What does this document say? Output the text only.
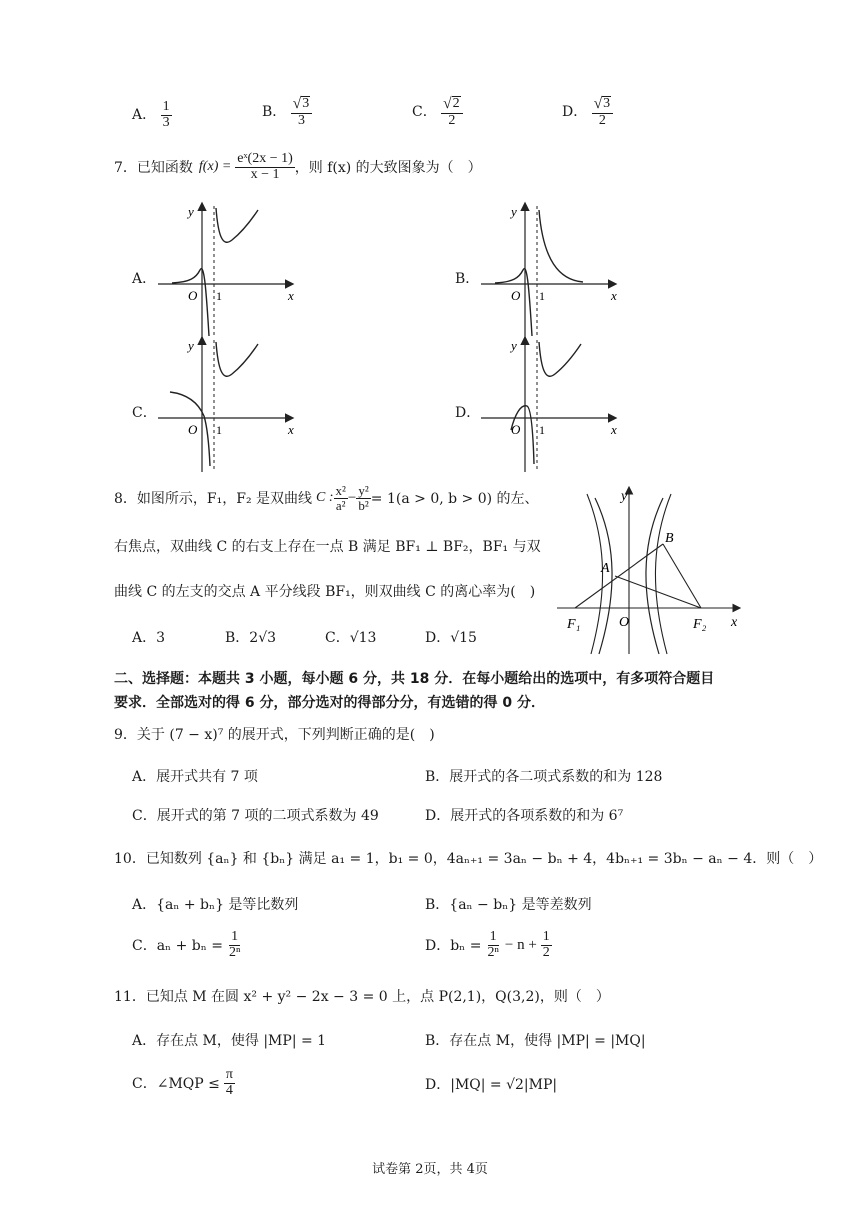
A． $\frac{1}{3}$	B． $\frac{√ 3}{3}$	C． $\frac{√ 2}{2}$	D． $\frac{√ 3}{2}$
7．已知函数 $f(x) = \frac{\text{eˣ(2x − 1)}}{x - 1}$ ，则 f(x) 的大致图象为（　）
A．	B．
C．	D．
y
x
O 1
y
x
O 1
y
x
O 1
y
x
O 1
8．如图所示，F₁，F₂ 是双曲线 C : $\frac{\text{x²}}{\text{a²}} - \frac{\text{y²}}{\text{b²}} = 1(a > 0$, b > 0) 的左、
右焦点，双曲线 C 的右支上存在一点 B 满足 BF₁ ⊥ BF₂，BF₁ 与双
曲线 C 的左支的交点 A 平分线段 BF₁，则双曲线 C 的离心率为(　)
A．3	B．2√3	C．√13	D．√15
y
x
O
A
B
F₁	F₂
二、选择题：本题共 3 小题，每小题 6 分，共 18 分．在每小题给出的选项中，有多项符合题目
要求．全部选对的得 6 分，部分选对的得部分分，有选错的得 0 分．
9．关于 (7 − x)⁷ 的展开式，下列判断正确的是(　)
A．展开式共有 7 项	B．展开式的各二项式系数的和为 128
C．展开式的第 7 项的二项式系数为 49	D．展开式的各项系数的和为 6⁷
10．已知数列 {aₙ} 和 {bₙ} 满足 a₁ = 1，b₁ = 0，4aₙ₊₁ = 3aₙ − bₙ + 4，4bₙ₊₁ = 3bₙ − aₙ − 4．则（　）
A．{aₙ + bₙ} 是等比数列	B．{aₙ − bₙ} 是等差数列
C．$a_n + b_n = \frac{1}{\text{2ⁿ}}$	D．$b_n = \frac{1}{\text{2ⁿ}} - n + \frac{1}{2}$
11．已知点 M 在圆 x² + y² − 2x − 3 = 0 上，点 P(2,1)，Q(3,2)，则（　）
A．存在点 M，使得 |MP| = 1	B．存在点 M，使得 |MP| = |MQ|
C．∠MQP ≤ $\frac{\pi}{4}$	D．|MQ| = √2|MP|
试卷第 2页，共 4页
